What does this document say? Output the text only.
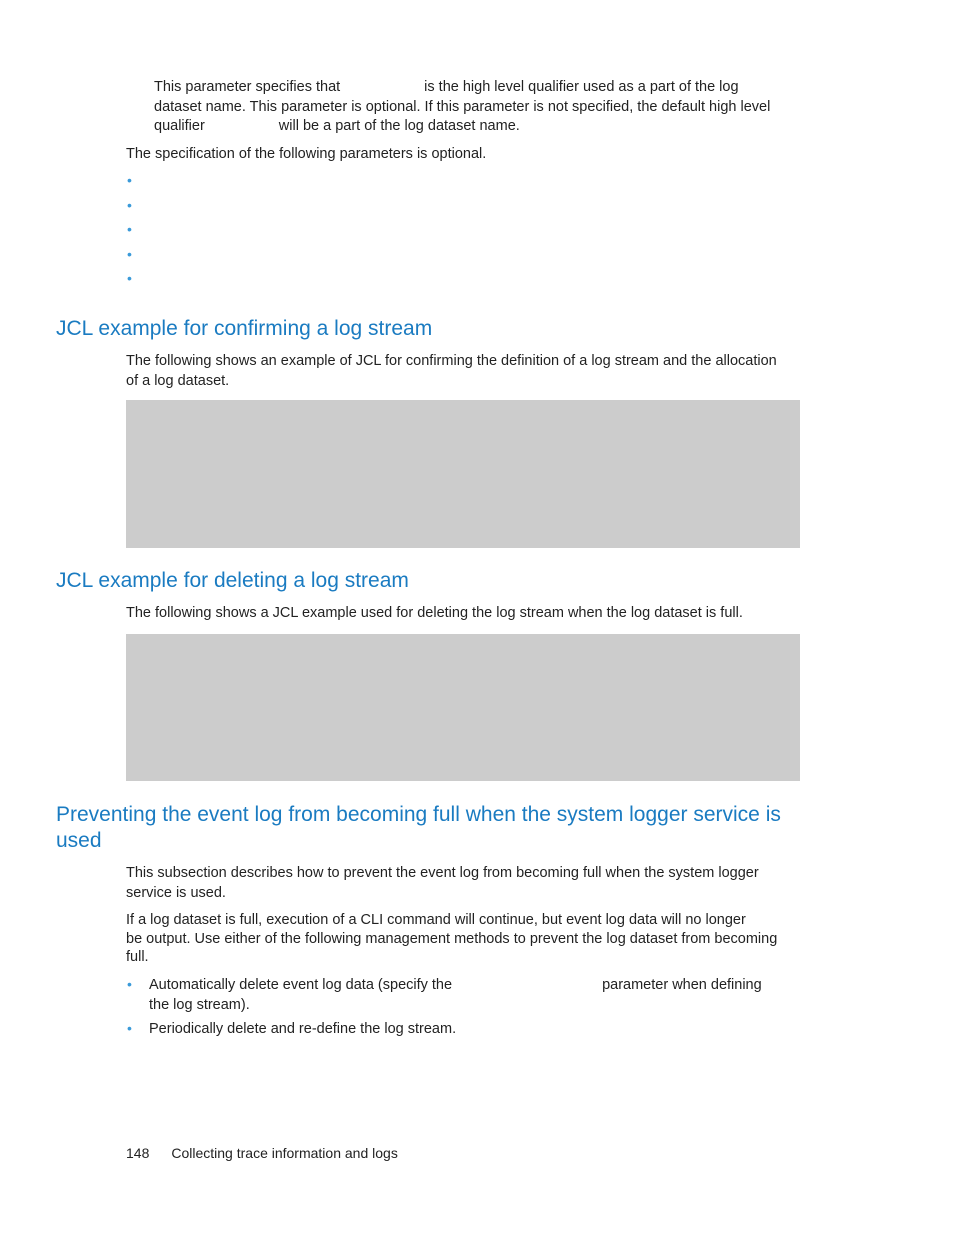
This parameter specifies that	is the high level qualifier used as a part of the log

dataset name. This parameter is optional. If this parameter is not specified, the default high level

qualifier	will be a part of the log dataset name.

The specification of the following parameters is optional.

•
•
•
•
•
JCL example for confirming a log stream

The following shows an example of JCL for confirming the definition of a log stream and the allocation

of a log dataset.

JCL example for deleting a log stream

The following shows a JCL example used for deleting the log stream when the log dataset is full.

Preventing the event log from becoming full when the system logger service is
used

This subsection describes how to prevent the event log from becoming full when the system logger

service is used.

If a log dataset is full, execution of a CLI command will continue, but event log data will no longer

be output. Use either of the following management methods to prevent the log dataset from becoming

full.

• Automatically delete event log data (specify the	parameter when defining

the log stream).

• Periodically delete and re-define the log stream.

148 Collecting trace information and logs
